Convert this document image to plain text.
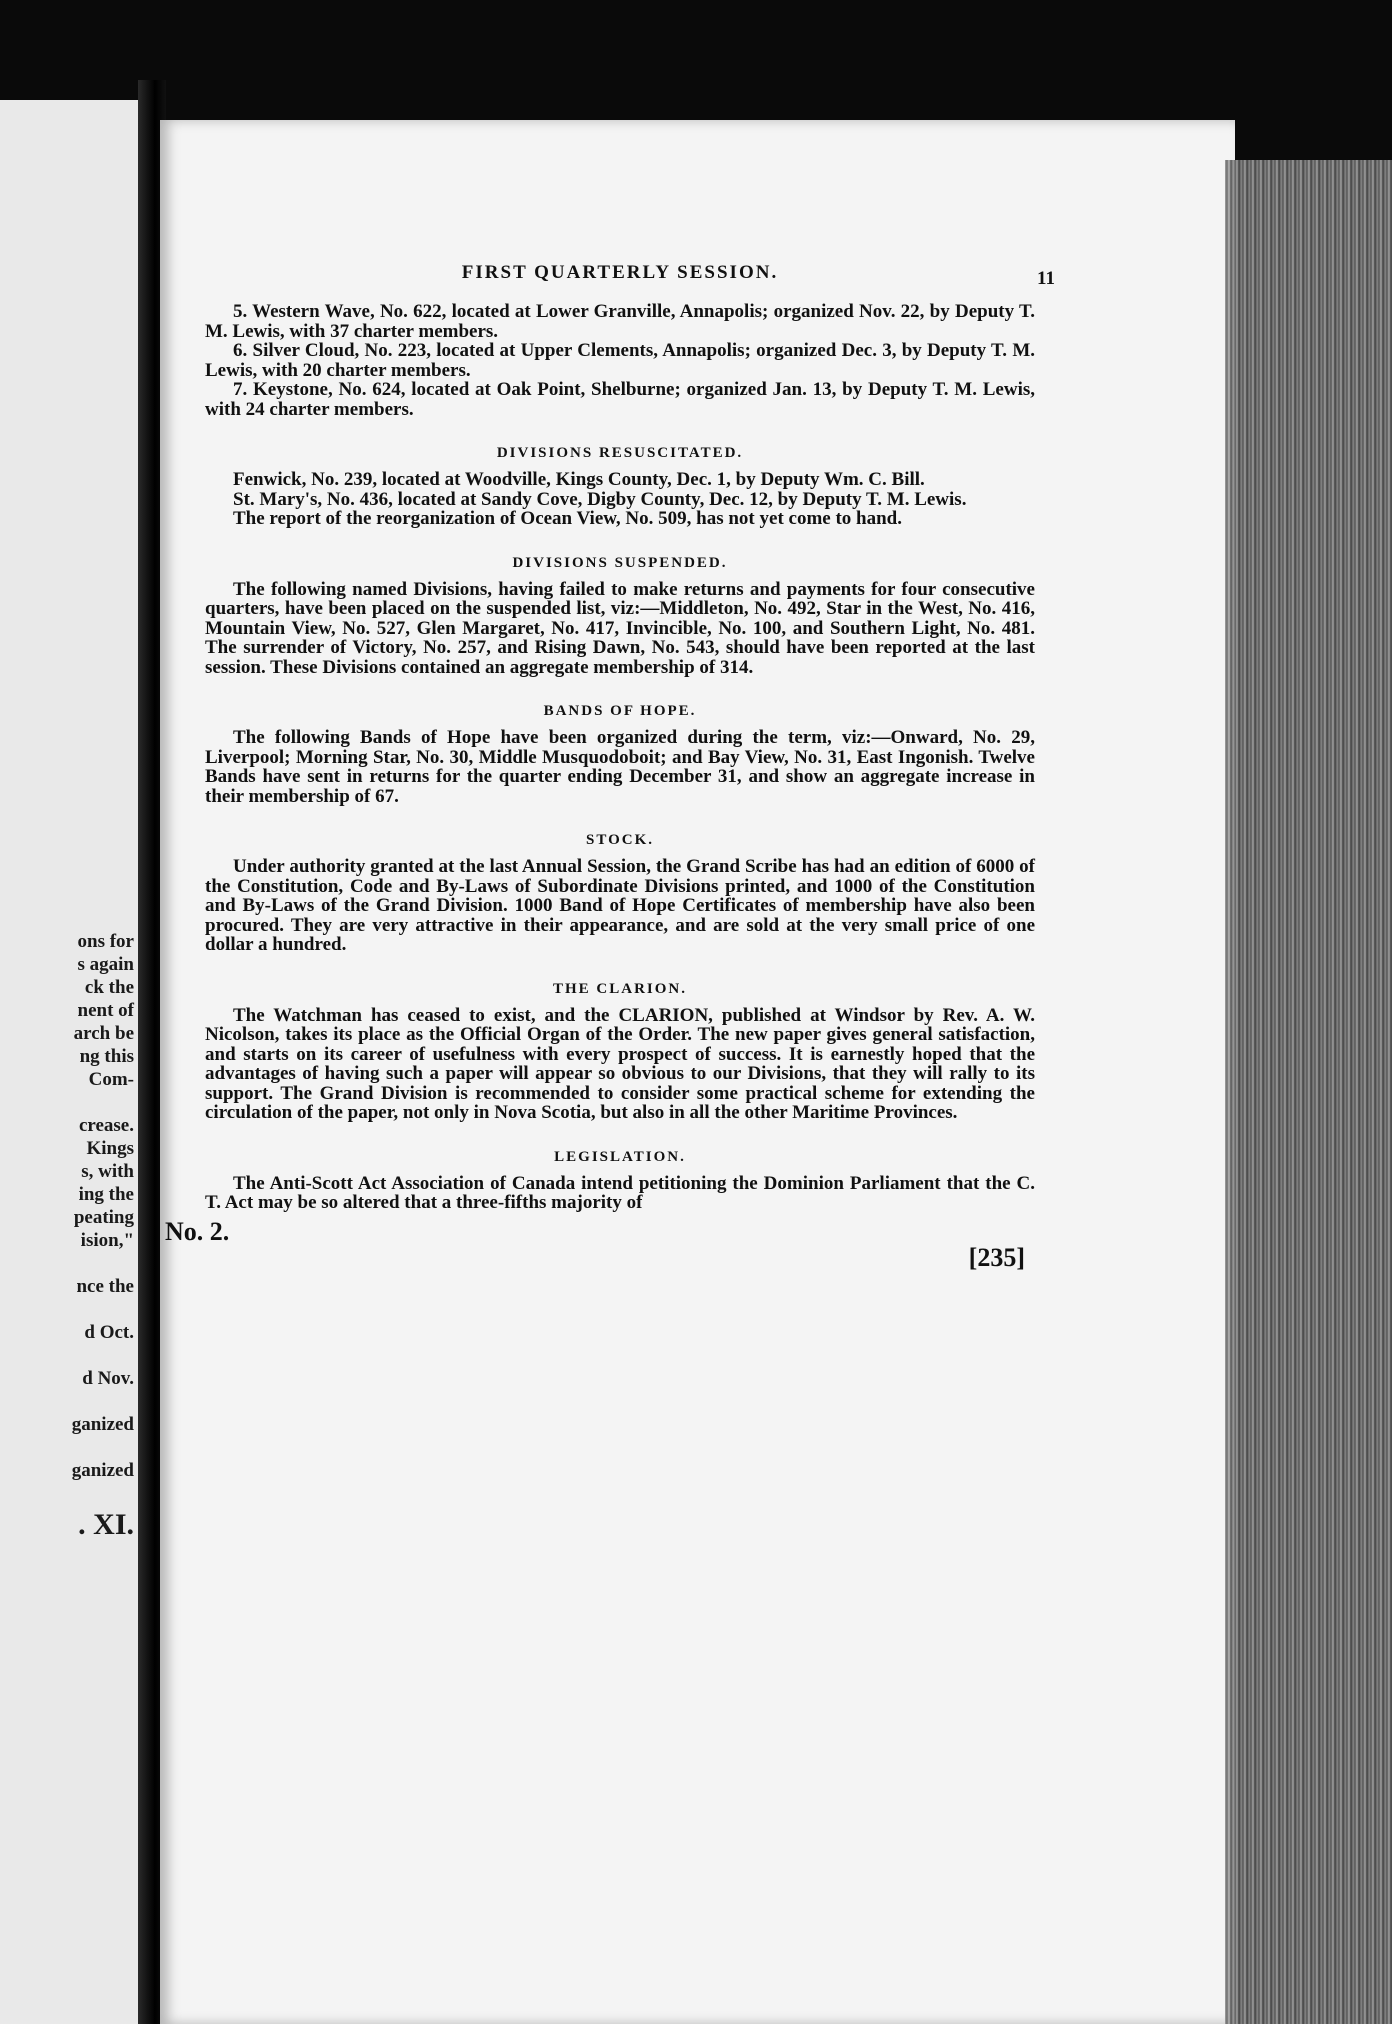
ons for
s again
ck the
nent of
arch be
ng this
Com-
crease.
Kings
s, with
ing the
peating
ision,"
nce the
d Oct.
d Nov.
ganized
ganized
. XI.
FIRST QUARTERLY SESSION.	11

5. Western Wave, No. 622, located at Lower Granville, Annapolis; organized Nov. 22, by Deputy T. M. Lewis, with 37 charter members.

6. Silver Cloud, No. 223, located at Upper Clements, Annapolis; organized Dec. 3, by Deputy T. M. Lewis, with 20 charter members.

7. Keystone, No. 624, located at Oak Point, Shelburne; organized Jan. 13, by Deputy T. M. Lewis, with 24 charter members.

DIVISIONS RESUSCITATED.

Fenwick, No. 239, located at Woodville, Kings County, Dec. 1, by Deputy Wm. C. Bill.

St. Mary's, No. 436, located at Sandy Cove, Digby County, Dec. 12, by Deputy T. M. Lewis.

The report of the reorganization of Ocean View, No. 509, has not yet come to hand.

DIVISIONS SUSPENDED.

The following named Divisions, having failed to make returns and payments for four consecutive quarters, have been placed on the suspended list, viz:—Middleton, No. 492, Star in the West, No. 416, Mountain View, No. 527, Glen Margaret, No. 417, Invincible, No. 100, and Southern Light, No. 481. The surrender of Victory, No. 257, and Rising Dawn, No. 543, should have been reported at the last session. These Divisions contained an aggregate membership of 314.

BANDS OF HOPE.

The following Bands of Hope have been organized during the term, viz:—Onward, No. 29, Liverpool; Morning Star, No. 30, Middle Musquodoboit; and Bay View, No. 31, East Ingonish. Twelve Bands have sent in returns for the quarter ending December 31, and show an aggregate increase in their membership of 67.

STOCK.

Under authority granted at the last Annual Session, the Grand Scribe has had an edition of 6000 of the Constitution, Code and By-Laws of Subordinate Divisions printed, and 1000 of the Constitution and By-Laws of the Grand Division. 1000 Band of Hope Certificates of membership have also been procured. They are very attractive in their appearance, and are sold at the very small price of one dollar a hundred.

THE CLARION.

The Watchman has ceased to exist, and the CLARION, published at Windsor by Rev. A. W. Nicolson, takes its place as the Official Organ of the Order. The new paper gives general satisfaction, and starts on its career of usefulness with every prospect of success. It is earnestly hoped that the advantages of having such a paper will appear so obvious to our Divisions, that they will rally to its support. The Grand Division is recommended to consider some practical scheme for extending the circulation of the paper, not only in Nova Scotia, but also in all the other Maritime Provinces.

LEGISLATION.

The Anti-Scott Act Association of Canada intend petitioning the Dominion Parliament that the C. T. Act may be so altered that a three-fifths majority of

No. 2.
[235]
